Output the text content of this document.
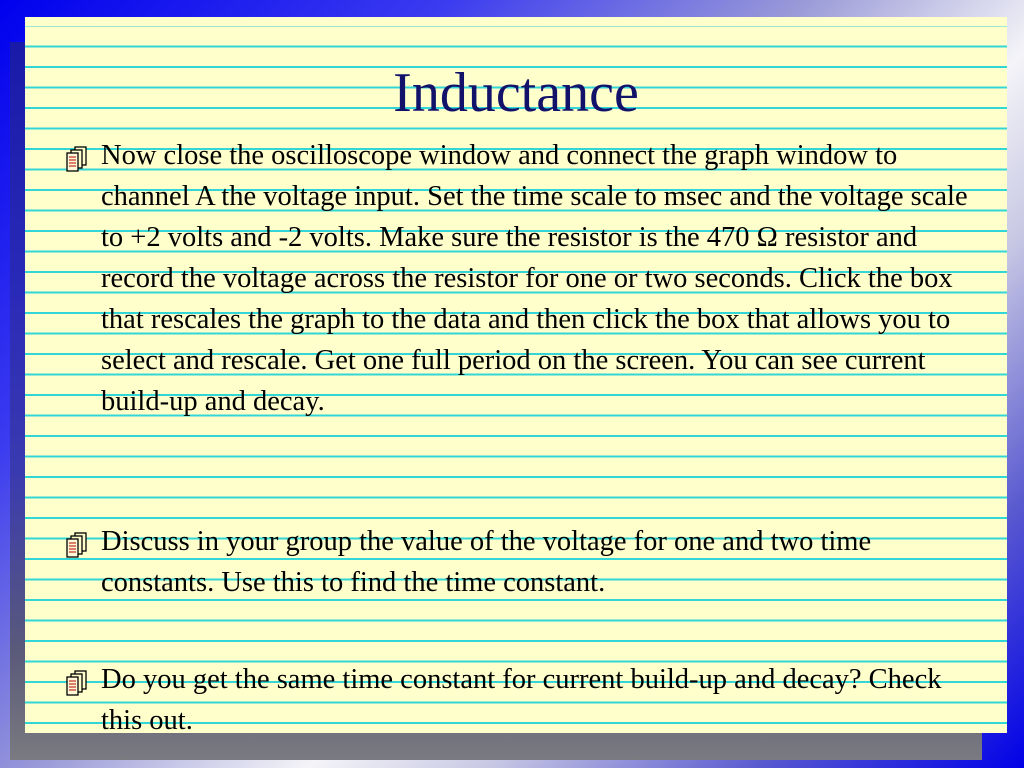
Inductance

Now close the oscilloscope window and connect the graph window to channel A the voltage input. Set the time scale to msec and the voltage scale to +2 volts and -2 volts. Make sure the resistor is the 470 Ω resistor and record the voltage across the resistor for one or two seconds. Click the box that rescales the graph to the data and then click the box that allows you to select and rescale. Get one full period on the screen. You can see current build-up and decay.

Discuss in your group the value of the voltage for one and two time constants. Use this to find the time constant.

Do you get the same time constant for current build-up and decay? Check this out.
